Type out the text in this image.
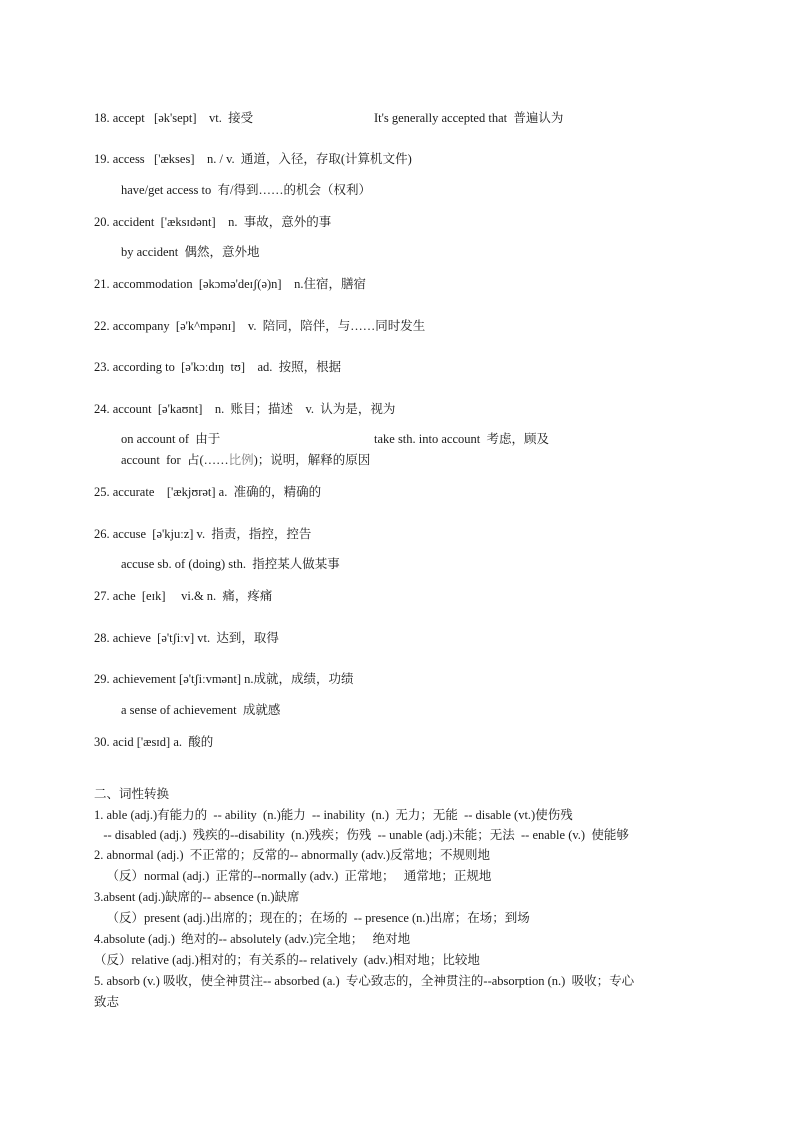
18. accept   [ək'sept]    vt.  接受	It's generally accepted that  普遍认为
19. access   ['ækses]    n. / v.  通道，入径，存取(计算机文件)
have/get access to  有/得到……的机会（权利）
20. accident  ['æksɪdənt]    n.  事故，意外的事
by accident  偶然，意外地
21. accommodation  [əkɔmə'deɪʃ(ə)n]    n.住宿，膳宿
22. accompany  [ə'k^mpənɪ]    v.  陪同，陪伴，与……同时发生
23. according to  [ə'kɔːdɪŋ  tʊ]    ad.  按照，根据
24. account  [ə'kaʊnt]    n.  账目；描述    v.  认为是，视为
on account of  由于	take sth. into account  考虑，顾及
account  for  占(……比例)；说明，解释的原因
25. accurate    ['ækjʊrət] a.  准确的，精确的
26. accuse  [ə'kjuːz] v.  指责，指控，控告
accuse sb. of (doing) sth.  指控某人做某事
27. ache  [eɪk]     vi.& n.  痛，疼痛
28. achieve  [ə'tʃiːv] vt.  达到，取得
29. achievement [ə'tʃiːvmənt] n.成就，成绩，功绩
a sense of achievement  成就感
30. acid ['æsɪd] a.  酸的
二、词性转换
1. able (adj.)有能力的  -- ability  (n.)能力  -- inability  (n.)  无力；无能  -- disable (vt.)使伤残
-- disabled (adj.)  残疾的--disability  (n.)残疾；伤残  -- unable (adj.)未能；无法  -- enable (v.)  使能够
2. abnormal (adj.)  不正常的；反常的-- abnormally (adv.)反常地；不规则地
（反）normal (adj.)  正常的--normally (adv.)  正常地；   通常地；正规地
3.absent (adj.)缺席的-- absence (n.)缺席
（反）present (adj.)出席的；现在的；在场的  -- presence (n.)出席；在场；到场
4.absolute (adj.)  绝对的-- absolutely (adv.)完全地；   绝对地
（反）relative (adj.)相对的；有关系的-- relatively  (adv.)相对地；比较地
5. absorb (v.) 吸收，使全神贯注-- absorbed (a.)  专心致志的，全神贯注的--absorption (n.)  吸收；专心
致志
